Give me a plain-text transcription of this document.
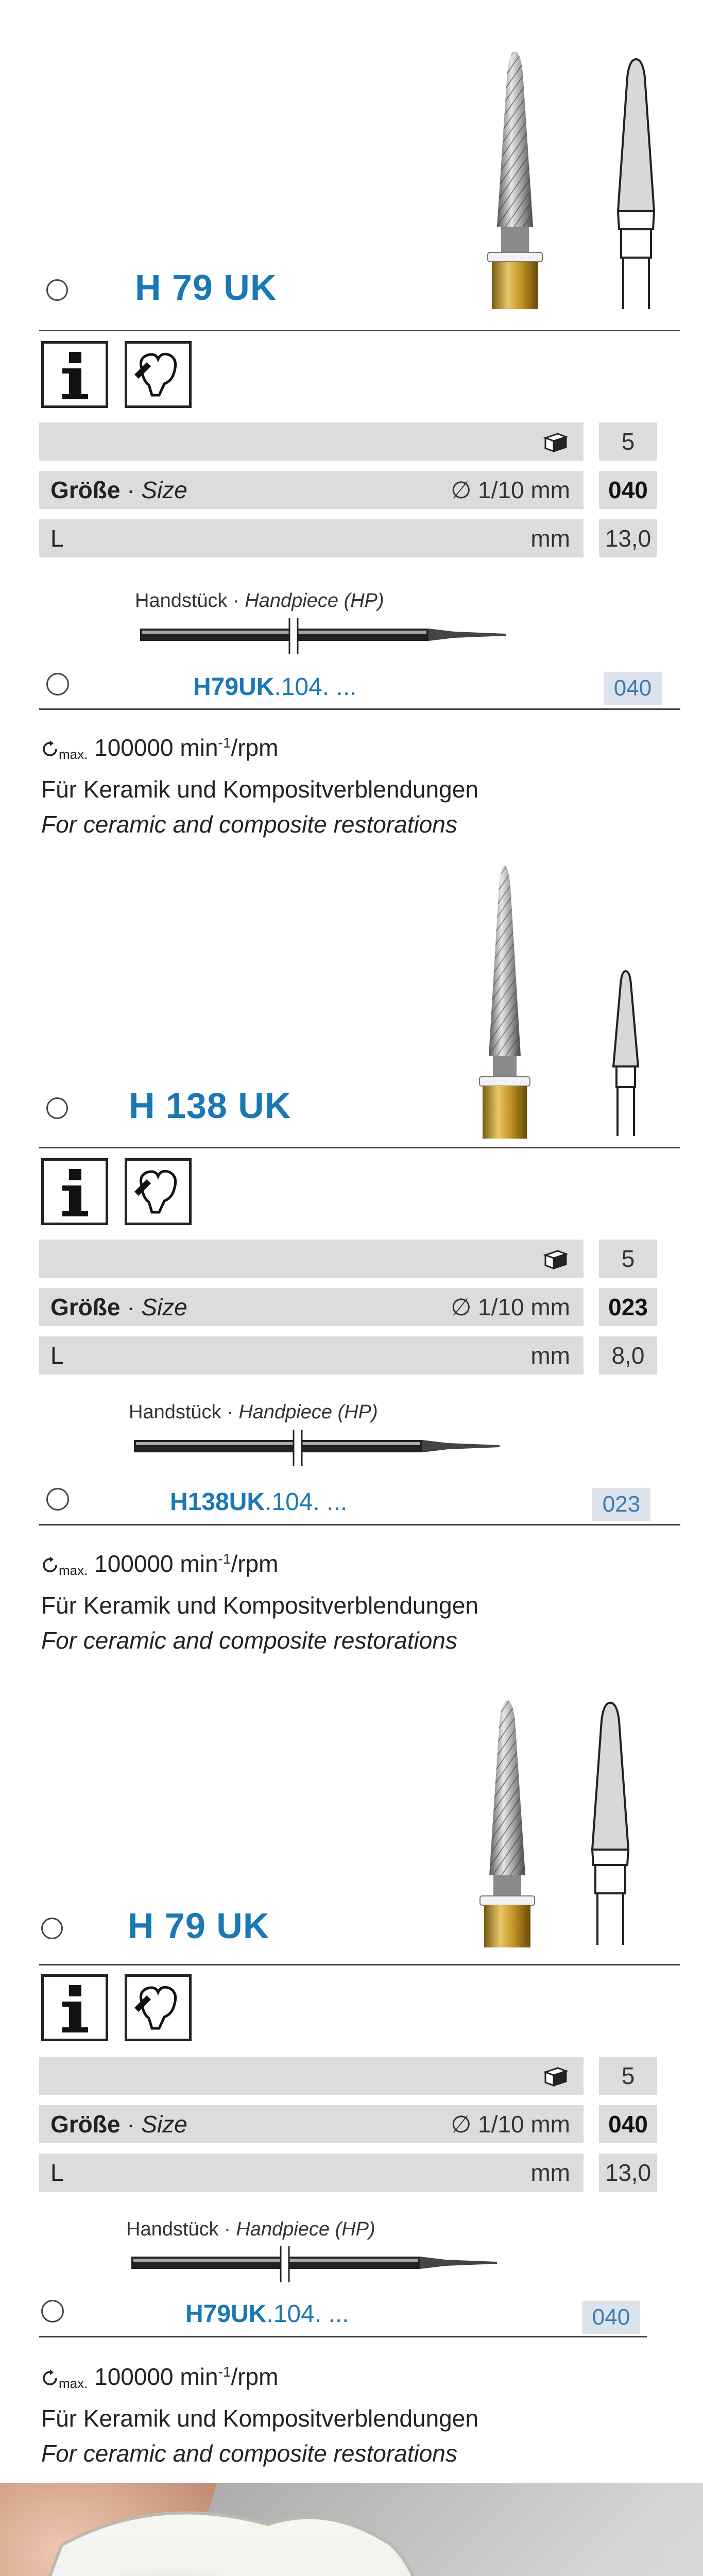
H 79 UK
5
Größe · Size	∅ 1/10 mm	040
L	mm 13,0
Handstück · Handpiece (HP)
H79UK.104. ...	040
max. 100000 $\min^{-1}$/rpm
Für Keramik und Kompositverblendungen
For ceramic and composite restorations
H 138 UK
5
Größe · Size	∅ 1/10 mm	023
L	mm	8,0
Handstück · Handpiece (HP)
H138UK.104. ...	023
max. 100000 $\min^{-1}$/rpm
Für Keramik und Kompositverblendungen
For ceramic and composite restorations
H 79 UK
5
Größe · Size	∅ 1/10 mm	040
L	mm 13,0
Handstück · Handpiece (HP)
H79UK.104. ...	040
max. 100000 $\min^{-1}$/rpm
Für Keramik und Kompositverblendungen
For ceramic and composite restorations
